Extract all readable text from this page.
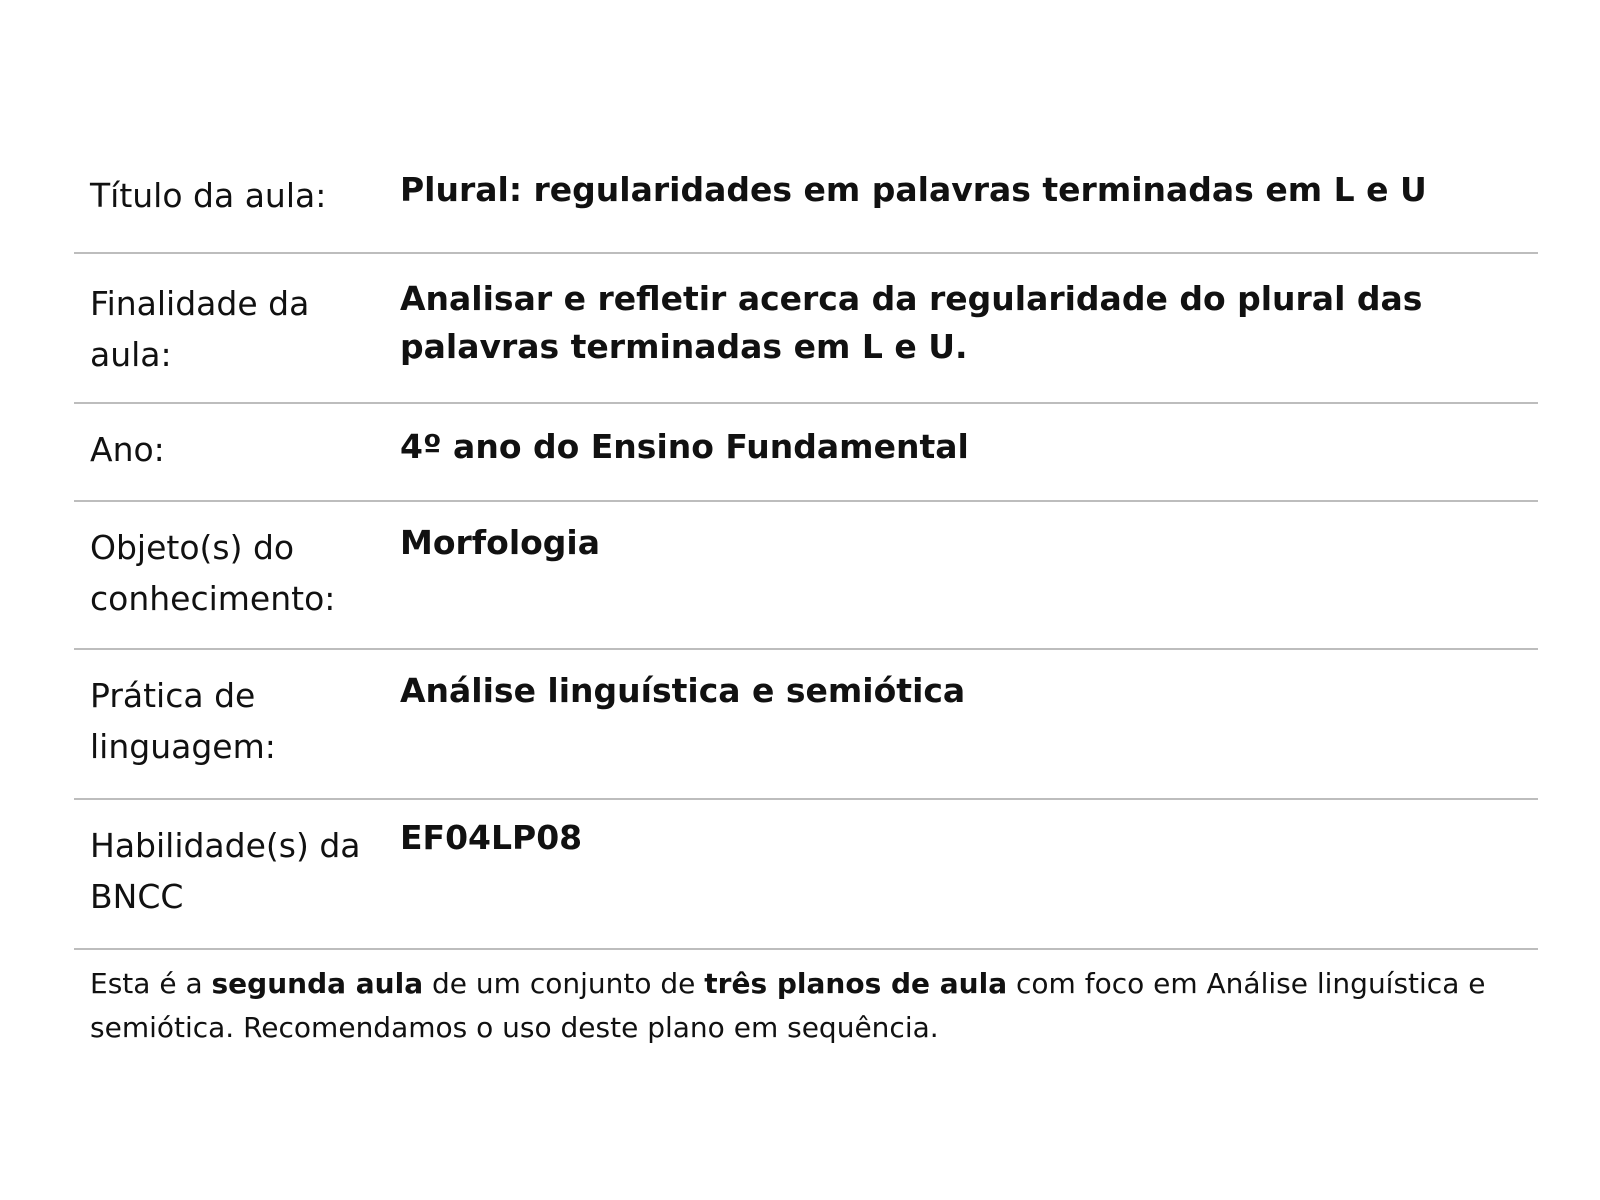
Título da aula:	Plural: regularidades em palavras terminadas em L e U
Finalidade da aula:
Analisar e refletir acerca da regularidade do plural das palavras terminadas em L e U.
Ano:	4º ano do Ensino Fundamental
Objeto(s) do conhecimento:
Morfologia
Prática de linguagem:
Análise linguística e semiótica
Habilidade(s) da BNCC
EF04LP08
Esta é a segunda aula de um conjunto de três planos de aula com foco em Análise linguística e semiótica. Recomendamos o uso deste plano em sequência.
